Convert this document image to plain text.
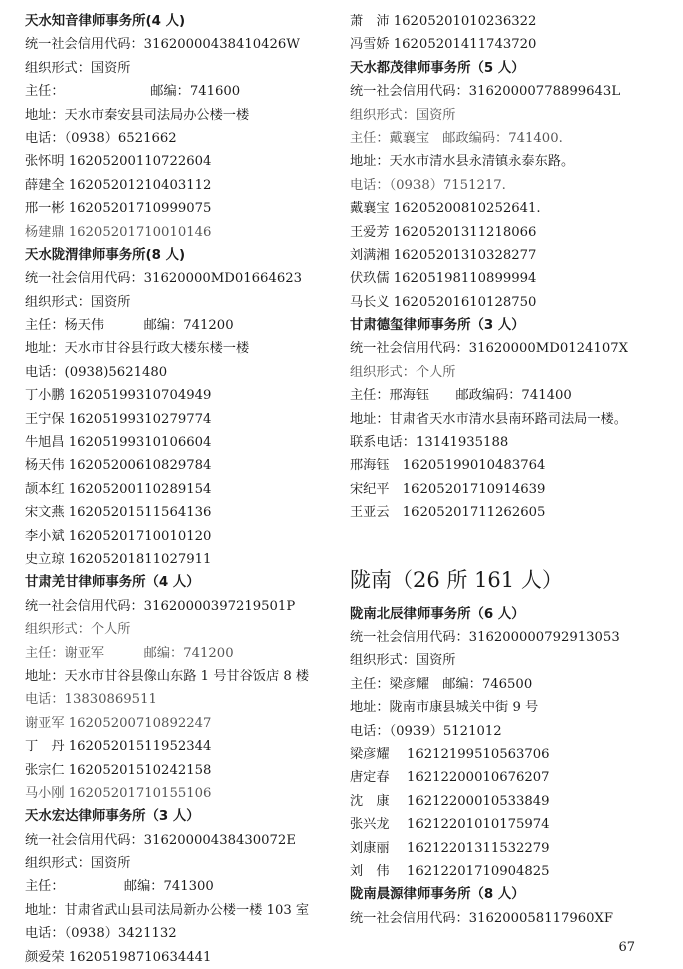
天水知音律师事务所(4 人)
统一社会信用代码：31620000438410426W
组织形式：国资所
主任：　　　　　　　邮编：741600
地址：天水市秦安县司法局办公楼一楼
电话：（0938）6521662
张怀明 16205200110722604
薛建全 16205201210403112
邢一彬 16205201710999075
杨建鼎 16205201710010146
天水陇渭律师事务所(8 人)
统一社会信用代码：31620000MD01664623
组织形式：国资所
主任：杨天伟　　　邮编：741200
地址：天水市甘谷县行政大楼东楼一楼
电话：(0938)5621480
丁小鹏 16205199310704949
王宁保 16205199310279774
牛旭昌 16205199310106604
杨天伟 16205200610829784
颉本红 16205200110289154
宋文燕 16205201511564136
李小斌 16205201710010120
史立琼 16205201811027911
甘肃羌甘律师事务所（4 人）
统一社会信用代码：31620000397219501P
组织形式：个人所
主任：谢亚军　　　邮编：741200
地址：天水市甘谷县像山东路 1 号甘谷饭店 8 楼
电话：13830869511
谢亚军 16205200710892247
丁　丹 16205201511952344
张宗仁 16205201510242158
马小刚 16205201710155106
天水宏达律师事务所（3 人）
统一社会信用代码：31620000438430072E
组织形式：国资所
主任：　　　　　邮编：741300
地址：甘肃省武山县司法局新办公楼一楼 103 室
电话：（0938）3421132
颜爱荣 16205198710634441
萧　沛 16205201010236322
冯雪娇 16205201411743720
天水都茂律师事务所（5 人）
统一社会信用代码：31620000778899643L
组织形式：国资所
主任：戴襄宝　邮政编码：741400.
地址：天水市清水县永清镇永泰东路。
电话：（0938）7151217.
戴襄宝 16205200810252641.
王爱芳 16205201311218066
刘满湘 16205201310328277
伏玖儒 16205198110899994
马长义 16205201610128750
甘肃德玺律师事务所（3 人）
统一社会信用代码：31620000MD0124107X
组织形式：个人所
主任：邢海钰　　邮政编码：741400
地址：甘肃省天水市清水县南环路司法局一楼。
联系电话：13141935188
邢海钰　16205199010483764
宋纪平　16205201710914639
王亚云　16205201711262605
陇南（26 所 161 人）
陇南北辰律师事务所（6 人）
统一社会信用代码：316200000792913053
组织形式：国资所
主任：梁彦耀　邮编：746500
地址：陇南市康县城关中街 9 号
电话：（0939）5121012
梁彦耀　 16212199510563706
唐定春　 16212200010676207
沈　康　 16212200010533849
张兴龙　 16212201010175974
刘康丽　 16212201311532279
刘　伟　 16212201710904825
陇南晨源律师事务所（8 人）
统一社会信用代码：316200058117960XF
67
